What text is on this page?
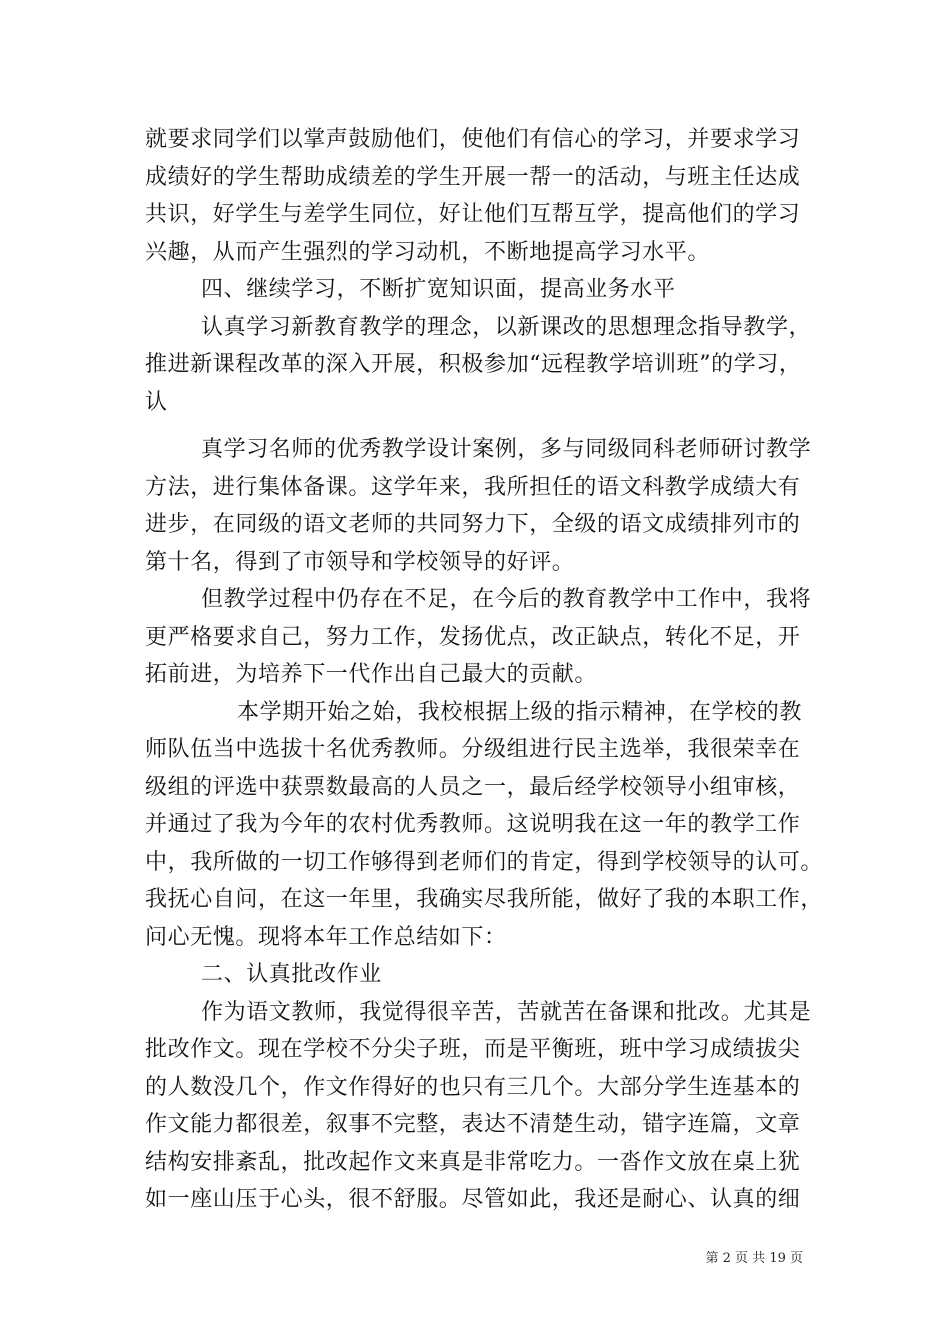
就要求同学们以掌声鼓励他们，使他们有信心的学习，并要求学习
成绩好的学生帮助成绩差的学生开展一帮一的活动，与班主任达成
共识，好学生与差学生同位，好让他们互帮互学，提高他们的学习
兴趣，从而产生强烈的学习动机，不断地提高学习水平。
四、继续学习，不断扩宽知识面，提高业务水平
认真学习新教育教学的理念，以新课改的思想理念指导教学，
推进新课程改革的深入开展，积极参加“远程教学培训班”的学习，
认
真学习名师的优秀教学设计案例，多与同级同科老师研讨教学
方法，进行集体备课。这学年来，我所担任的语文科教学成绩大有
进步，在同级的语文老师的共同努力下，全级的语文成绩排列市的
第十名，得到了市领导和学校领导的好评。
但教学过程中仍存在不足，在今后的教育教学中工作中，我将
更严格要求自己，努力工作，发扬优点，改正缺点，转化不足，开
拓前进，为培养下一代作出自己最大的贡献。
本学期开始之始，我校根据上级的指示精神，在学校的教
师队伍当中选拔十名优秀教师。分级组进行民主选举，我很荣幸在
级组的评选中获票数最高的人员之一，最后经学校领导小组审核，
并通过了我为今年的农村优秀教师。这说明我在这一年的教学工作
中，我所做的一切工作够得到老师们的肯定，得到学校领导的认可。
我抚心自问，在这一年里，我确实尽我所能，做好了我的本职工作，
问心无愧。现将本年工作总结如下：
二、认真批改作业
作为语文教师，我觉得很辛苦，苦就苦在备课和批改。尤其是
批改作文。现在学校不分尖子班，而是平衡班，班中学习成绩拔尖
的人数没几个，作文作得好的也只有三几个。大部分学生连基本的
作文能力都很差，叙事不完整，表达不清楚生动，错字连篇，文章
结构安排紊乱，批改起作文来真是非常吃力。一沓作文放在桌上犹
如一座山压于心头，很不舒服。尽管如此，我还是耐心、认真的细
第 2 页 共 19 页
